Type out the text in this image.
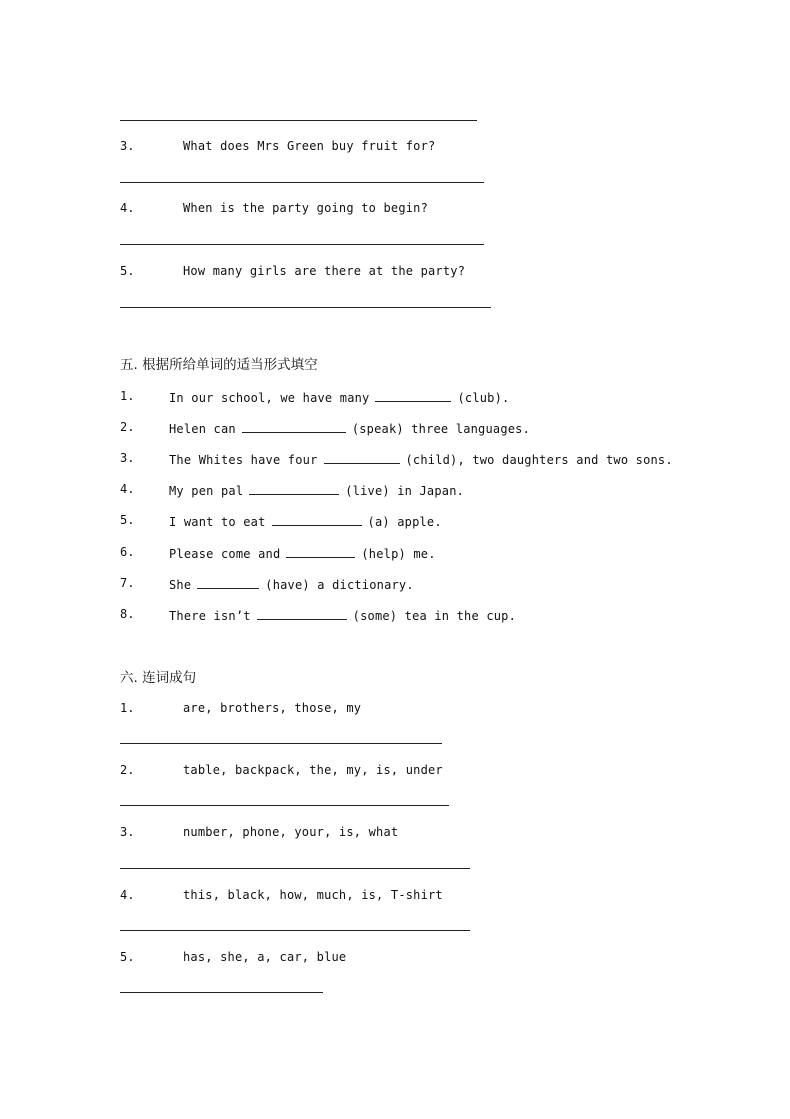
3.	What does Mrs Green buy fruit for?
4.	When is the party going to begin?
5.	How many girls are there at the party?
五. 根据所给单词的适当形式填空
1.	In our school, we have many	(club).
2.	Helen can	(speak) three languages.
3.	The Whites have four	(child), two daughters and two sons.
4.	My pen pal	(live) in Japan.
5.	I want to eat	(a) apple.
6.	Please come and	(help) me.
7.	She	(have) a dictionary.
8.	There isn’t	(some) tea in the cup.
六. 连词成句
1.	are, brothers, those, my
2.	table, backpack, the, my, is, under
3.	number, phone, your, is, what
4.	this, black, how, much, is, T-shirt
5.	has, she, a, car, blue
